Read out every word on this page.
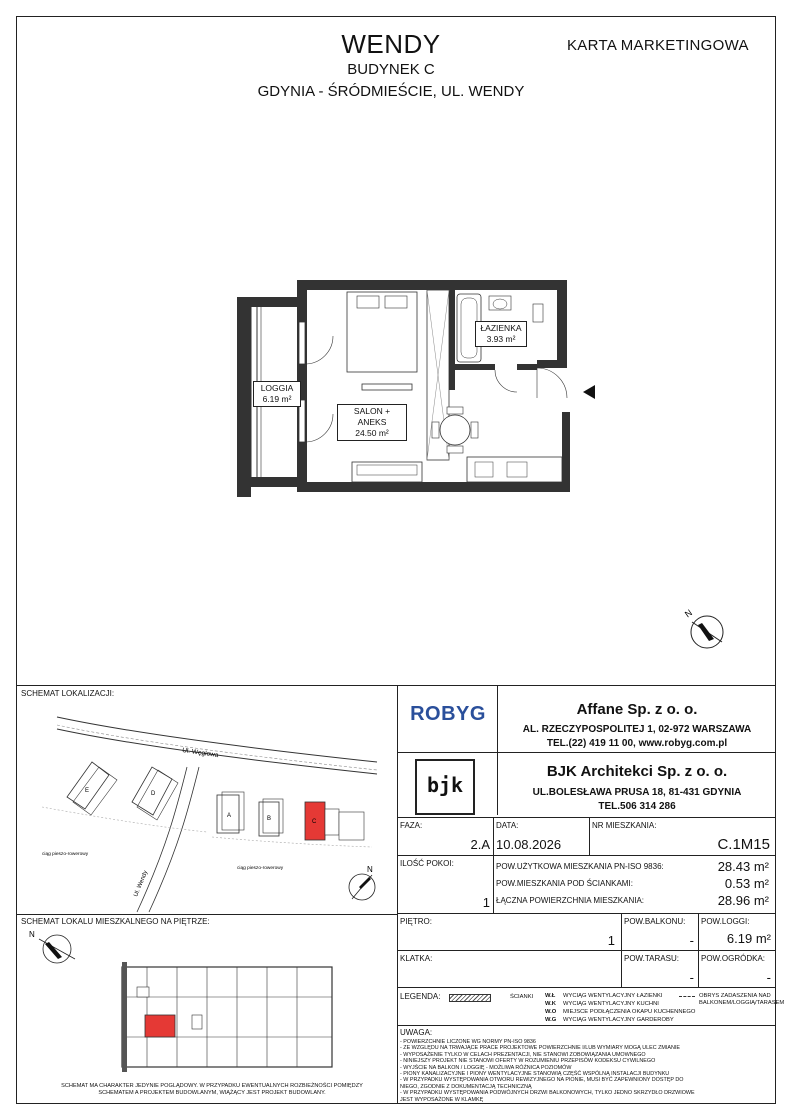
WENDY
BUDYNEK C
GDYNIA - ŚRÓDMIEŚCIE, UL. WENDY
KARTA MARKETINGOWA
LOGGIA
6.19 m²
SALON + ANEKS
24.50 m²
ŁAZIENKA
3.93 m²
N
SCHEMAT LOKALIZACJI:
E	D
A	B	C
Ul. Węglowa
Ul. Wendy
ciąg pieszo-rowerowy
ciąg pieszo-rowerowy	N
SCHEMAT LOKALU MIESZKALNEGO NA PIĘTRZE:
N
SCHEMAT MA CHARAKTER JEDYNIE POGLĄDOWY. W PRZYPADKU EWENTUALNYCH ROZBIEŻNOŚCI POMIĘDZY SCHEMATEM A PROJEKTEM BUDOWLANYM, WIĄŻĄCY JEST PROJEKT BUDOWLANY.
ROBYG	Affane Sp. z o. o.
AL. RZECZYPOSPOLITEJ 1, 02-972 WARSZAWA
TEL.(22) 419 11 00, www.robyg.com.pl
bjk
BJK Architekci Sp. z o. o.
UL.BOLESŁAWA PRUSA 18, 81-431 GDYNIA
TEL.506 314 286
FAZA:
2.A
DATA:
10.08.2026
NR MIESZKANIA:
C.1M15
ILOŚĆ POKOI:
1
POW.UŻYTKOWA MIESZKANIA PN-ISO 9836:	28.43 m²
POW.MIESZKANIA POD ŚCIANKAMI:	0.53 m²
ŁĄCZNA POWIERZCHNIA MIESZKANIA:	28.96 m²
PIĘTRO:
1
POW.BALKONU:
-
POW.LOGGI:
6.19 m²
KLATKA:	POW.TARASU:
-
POW.OGRÓDKA:
-
LEGENDA:	ŚCIANKI W.Ł WYCIĄG WENTYLACYJNY ŁAZIENKI
W.K WYCIĄG WENTYLACYJNY KUCHNI
W.O MIEJSCE PODŁĄCZENIA OKAPU KUCHENNEGO
W.G WYCIĄG WENTYLACYJNY GARDEROBY
OBRYS ZADASZENIA NAD BALKONEM/LOGGIĄ/TARASEM
UWAGA:
- POWIERZCHNIE LICZONE WG NORMY PN-ISO 9836
- ZE WZGLĘDU NA TRWAJĄCE PRACE PROJEKTOWE POWIERZCHNIE I/LUB WYMIARY MOGĄ ULEC ZMIANIE
- WYPOSAŻENIE TYLKO W CELACH PREZENTACJI, NIE STANOWI ZOBOWIĄZANIA UMOWNEGO
- NINIEJSZY PROJEKT NIE STANOWI OFERTY W ROZUMIENIU PRZEPISÓW KODEKSU CYWILNEGO
- WYJŚCIE NA BALKON / LOGGIĘ - MOŻLIWA RÓŻNICA POZIOMÓW
- PIONY KANALIZACYJNE I PIONY WENTYLACYJNE STANOWIĄ CZĘŚĆ WSPÓLNĄ INSTALACJI BUDYNKU
- W PRZYPADKU WYSTĘPOWANIA OTWORU REWIZYJNEGO NA PIONIE, MUSI BYĆ ZAPEWNIONY DOSTĘP DO NIEGO, ZGODNIE Z DOKUMENTACJĄ TECHNICZNĄ
- W PRZYPADKU WYSTĘPOWANIA PODWÓJNYCH DRZWI BALKONOWYCH, TYLKO JEDNO SKRZYDŁO DRZWIOWE JEST WYPOSAŻONE W KLAMKĘ
